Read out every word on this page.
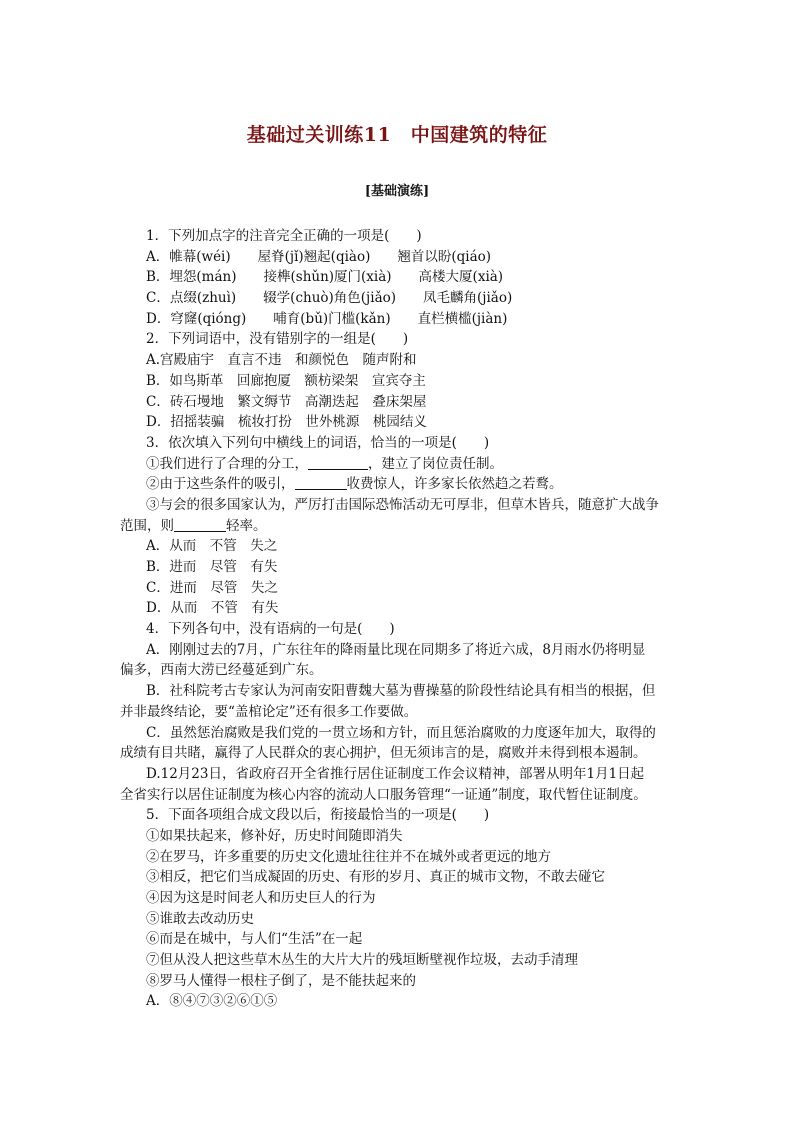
基础过关训练11　中国建筑的特征
[基础演练]
1．下列加点字的注音完全正确的一项是(　　)
A．帷幕(wéi)　　屋脊(jǐ)翘起(qiào)　　翘首以盼(qiáo)
B．埋怨(mán)　　接榫(shǔn)厦门(xià)　　高楼大厦(xià)
C．点缀(zhuì)　　辍学(chuò)角色(jiǎo)　　凤毛麟角(jiǎo)
D．穹窿(qióng)　　哺育(bǔ)门槛(kǎn)　　直栏横槛(jiàn)
2．下列词语中，没有错别字的一组是(　　)
A.宫殿庙宇　直言不违　和颜悦色　随声附和
B．如鸟斯革　回廊抱厦　额枋梁架　宣宾夺主
C．砖石墁地　繁文缛节　高潮迭起　叠床架屋
D．招摇装骗　梳妆打扮　世外桃源　桃园结义
3．依次填入下列句中横线上的词语，恰当的一项是(　　)
①我们进行了合理的分工，	，建立了岗位责任制。
②由于这些条件的吸引，	收费惊人，许多家长依然趋之若鹜。
③与会的很多国家认为，严厉打击国际恐怖活动无可厚非，但草木皆兵，随意扩大战争
范围，则	轻率。
A．从而　不管　失之
B．进而　尽管　有失
C．进而　尽管　失之
D．从而　不管　有失
4．下列各句中，没有语病的一句是(　　)
A．刚刚过去的7月，广东往年的降雨量比现在同期多了将近六成，8月雨水仍将明显
偏多，西南大涝已经蔓延到广东。
B．社科院考古专家认为河南安阳曹魏大墓为曹操墓的阶段性结论具有相当的根据，但
并非最终结论，要“盖棺论定”还有很多工作要做。
C．虽然惩治腐败是我们党的一贯立场和方针，而且惩治腐败的力度逐年加大，取得的
成绩有目共睹，赢得了人民群众的衷心拥护，但无须讳言的是，腐败并未得到根本遏制。
D.12月23日，省政府召开全省推行居住证制度工作会议精神，部署从明年1月1日起
全省实行以居住证制度为核心内容的流动人口服务管理“一证通”制度，取代暂住证制度。
5．下面各项组合成文段以后，衔接最恰当的一项是(　　)
①如果扶起来，修补好，历史时间随即消失
②在罗马，许多重要的历史文化遗址往往并不在城外或者更远的地方
③相反，把它们当成凝固的历史、有形的岁月、真正的城市文物，不敢去碰它
④因为这是时间老人和历史巨人的行为
⑤谁敢去改动历史
⑥而是在城中，与人们“生活”在一起
⑦但从没人把这些草木丛生的大片大片的残垣断壁视作垃圾，去动手清理
⑧罗马人懂得一根柱子倒了，是不能扶起来的
A．⑧④⑦③②⑥①⑤
